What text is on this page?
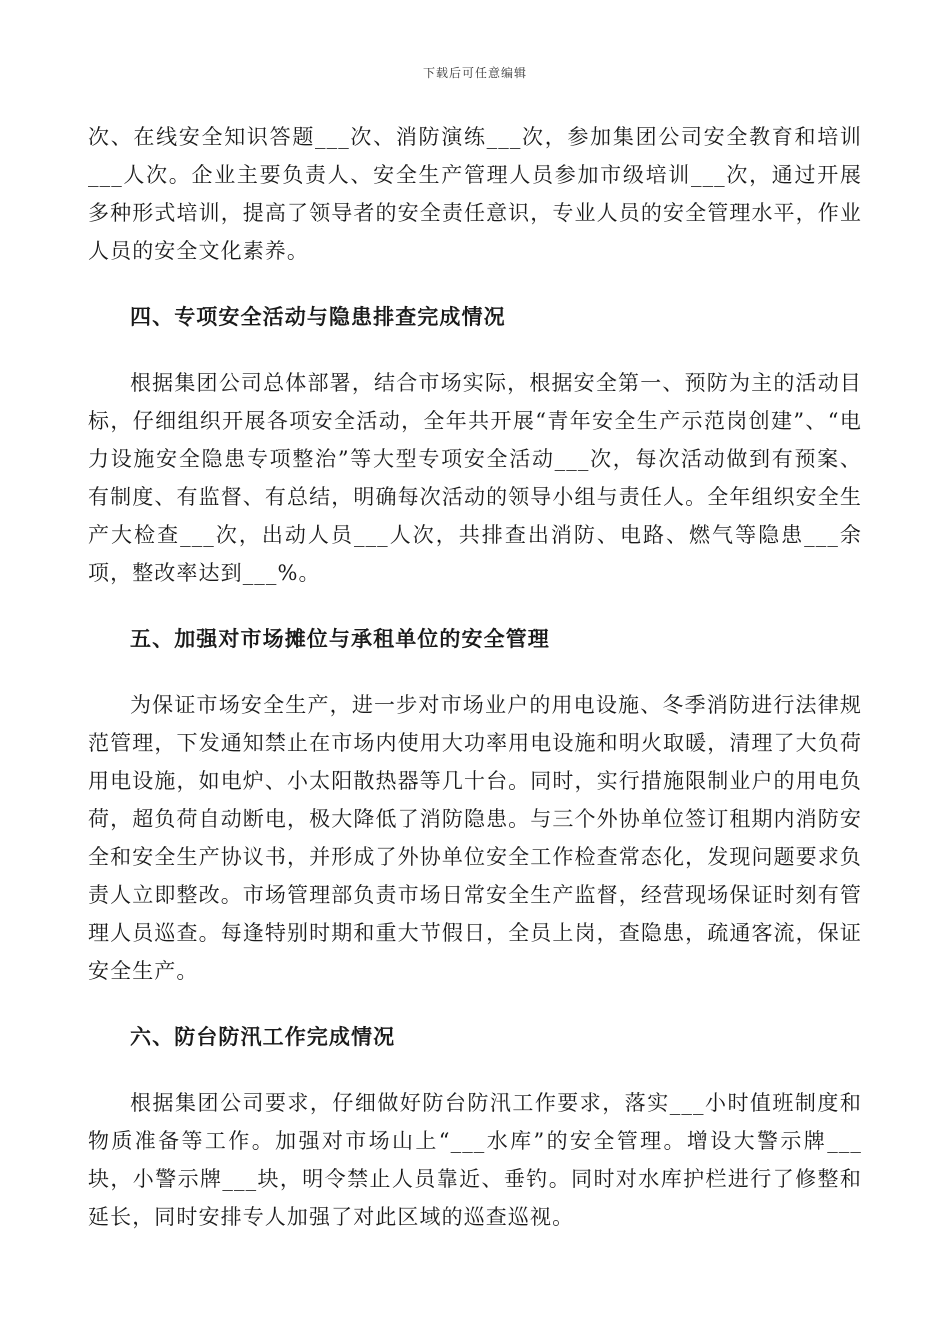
下载后可任意编辑

次、在线安全知识答题___次、消防演练___次，参加集团公司安全教育和培训___人次。企业主要负责人、安全生产管理人员参加市级培训___次，通过开展多种形式培训，提高了领导者的安全责任意识，专业人员的安全管理水平，作业人员的安全文化素养。

四、专项安全活动与隐患排查完成情况

根据集团公司总体部署，结合市场实际，根据安全第一、预防为主的活动目标，仔细组织开展各项安全活动，全年共开展“青年安全生产示范岗创建”、“电力设施安全隐患专项整治”等大型专项安全活动___次，每次活动做到有预案、有制度、有监督、有总结，明确每次活动的领导小组与责任人。全年组织安全生产大检查___次，出动人员___人次，共排查出消防、电路、燃气等隐患___余项，整改率达到___%。

五、加强对市场摊位与承租单位的安全管理

为保证市场安全生产，进一步对市场业户的用电设施、冬季消防进行法律规范管理，下发通知禁止在市场内使用大功率用电设施和明火取暖，清理了大负荷用电设施，如电炉、小太阳散热器等几十台。同时，实行措施限制业户的用电负荷，超负荷自动断电，极大降低了消防隐患。与三个外协单位签订租期内消防安全和安全生产协议书，并形成了外协单位安全工作检查常态化，发现问题要求负责人立即整改。市场管理部负责市场日常安全生产监督，经营现场保证时刻有管理人员巡查。每逢特别时期和重大节假日，全员上岗，查隐患，疏通客流，保证安全生产。

六、防台防汛工作完成情况

根据集团公司要求，仔细做好防台防汛工作要求，落实___小时值班制度和物质准备等工作。加强对市场山上“___水库”的安全管理。增设大警示牌___块，小警示牌___块，明令禁止人员靠近、垂钓。同时对水库护栏进行了修整和延长，同时安排专人加强了对此区域的巡查巡视。
